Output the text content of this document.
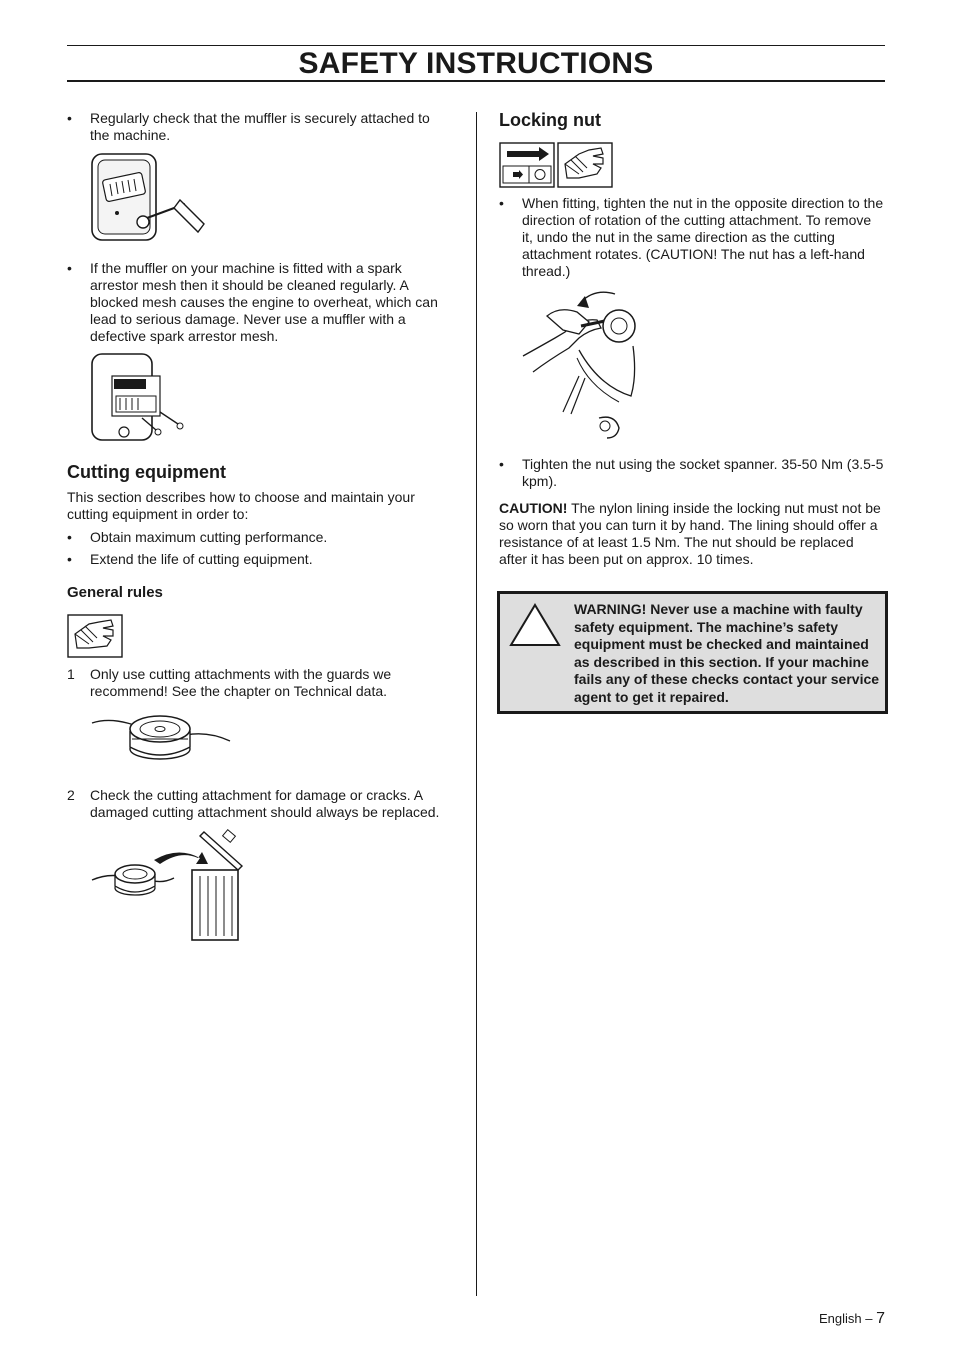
SAFETY INSTRUCTIONS
•	Regularly check that the muffler is securely attached to the machine.

•	If the muffler on your machine is fitted with a spark arrestor mesh then it should be cleaned regularly. A blocked mesh causes the engine to overheat, which can lead to serious damage. Never use a muffler with a defective spark arrestor mesh.

Cutting equipment

This section describes how to choose and maintain your cutting equipment in order to:

•	Obtain maximum cutting performance.

•	Extend the life of cutting equipment.

General rules
1	Only use cutting attachments with the guards we recommend! See the chapter on Technical data.

2	Check the cutting attachment for damage or cracks. A damaged cutting attachment should always be replaced.

Locking nut
•	When fitting, tighten the nut in the opposite direction to the direction of rotation of the cutting attachment. To remove it, undo the nut in the same direction as the cutting attachment rotates. (CAUTION! The nut has a left-hand thread.)

•	Tighten the nut using the socket spanner. 35-50 Nm (3.5-5 kpm).

CAUTION! The nylon lining inside the locking nut must not be so worn that you can turn it by hand. The lining should offer a resistance of at least 1.5 Nm. The nut should be replaced after it has been put on approx. 10 times.

WARNING! Never use a machine with faulty safety equipment. The machine’s safety equipment must be checked and maintained as described in this section. If your machine fails any of these checks contact your service agent to get it repaired.

English – 7
